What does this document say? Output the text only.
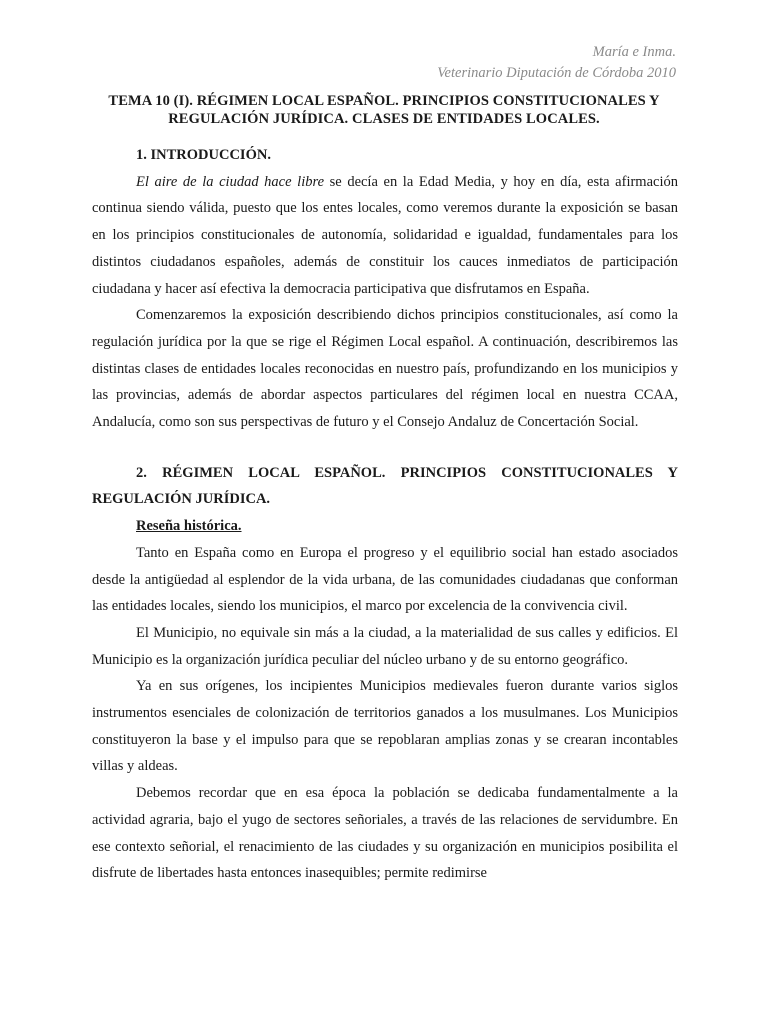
María e Inma.
Veterinario Diputación de Córdoba 2010
TEMA 10 (I). RÉGIMEN LOCAL ESPAÑOL. PRINCIPIOS CONSTITUCIONALES Y
REGULACIÓN JURÍDICA. CLASES DE ENTIDADES LOCALES.

1. INTRODUCCIÓN.

El aire de la ciudad hace libre se decía en la Edad Media, y hoy en día, esta afirmación continua siendo válida, puesto que los entes locales, como veremos durante la exposición se basan en los principios constitucionales de autonomía, solidaridad e igualdad, fundamentales para los distintos ciudadanos españoles, además de constituir los cauces inmediatos de participación ciudadana y hacer así efectiva la democracia participativa que disfrutamos en España.

Comenzaremos la exposición describiendo dichos principios constitucionales, así como la regulación jurídica por la que se rige el Régimen Local español. A continuación, describiremos las distintas clases de entidades locales reconocidas en nuestro país, profundizando en los municipios y las provincias, además de abordar aspectos particulares del régimen local en nuestra CCAA, Andalucía, como son sus perspectivas de futuro y el Consejo Andaluz de Concertación Social.

2. RÉGIMEN LOCAL ESPAÑOL. PRINCIPIOS CONSTITUCIONALES Y REGULACIÓN JURÍDICA.

Reseña histórica.

Tanto en España como en Europa el progreso y el equilibrio social han estado asociados desde la antigüedad al esplendor de la vida urbana, de las comunidades ciudadanas que conforman las entidades locales, siendo los municipios, el marco por excelencia de la convivencia civil.

El Municipio, no equivale sin más a la ciudad, a la materialidad de sus calles y edificios. El Municipio es la organización jurídica peculiar del núcleo urbano y de su entorno geográfico.

Ya en sus orígenes, los incipientes Municipios medievales fueron durante varios siglos instrumentos esenciales de colonización de territorios ganados a los musulmanes. Los Municipios constituyeron la base y el impulso para que se repoblaran amplias zonas y se crearan incontables villas y aldeas.

Debemos recordar que en esa época la población se dedicaba fundamentalmente a la actividad agraria, bajo el yugo de sectores señoriales, a través de las relaciones de servidumbre. En ese contexto señorial, el renacimiento de las ciudades y su organización en municipios posibilita el disfrute de libertades hasta entonces inasequibles; permite redimirse
